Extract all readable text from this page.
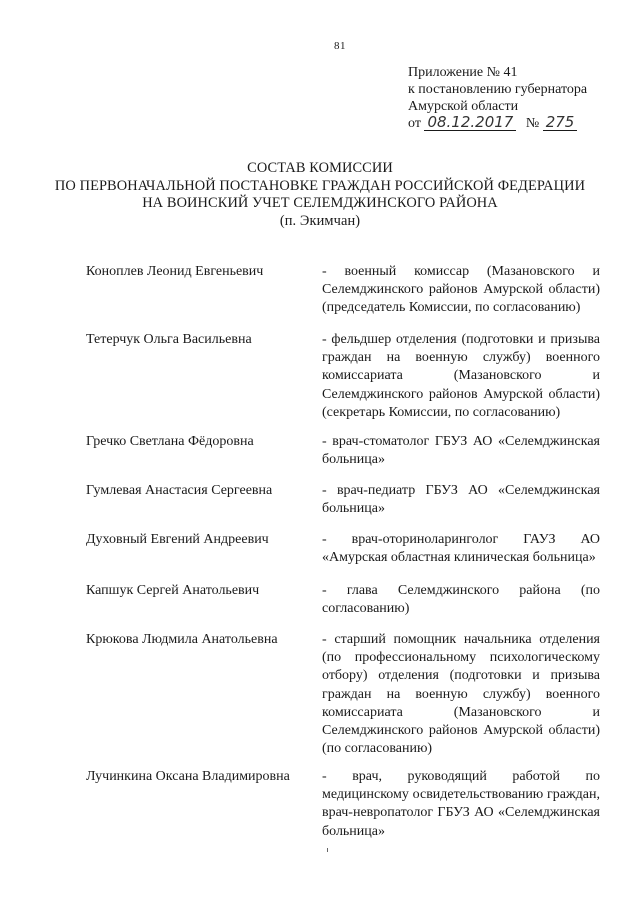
81
Приложение № 41
к постановлению губернатора
Амурской области
от 08.12.2017 № 275
СОСТАВ КОМИССИИ
ПО ПЕРВОНАЧАЛЬНОЙ ПОСТАНОВКЕ ГРАЖДАН РОССИЙСКОЙ ФЕДЕРАЦИИ
НА ВОИНСКИЙ УЧЕТ СЕЛЕМДЖИНСКОГО РАЙОНА
(п. Экимчан)
Коноплев Леонид Евгеньевич	- военный комиссар (Мазановского и Селемджинского районов Амурской области) (председатель Комиссии, по согласованию)
Тетерчук Ольга Васильевна	- фельдшер отделения (подготовки и призыва граждан на военную службу) военного комиссариата (Мазановского и Селемджинского районов Амурской области) (секретарь Комиссии, по согласованию)
Гречко Светлана Фёдоровна	- врач-стоматолог ГБУЗ АО «Селемджинская больница»
Гумлевая Анастасия Сергеевна	- врач-педиатр ГБУЗ АО «Селемджинская больница»
Духовный Евгений Андреевич	- врач-оториноларинголог ГАУЗ АО «Амурская областная клиническая больница»
Капшук Сергей Анатольевич	- глава Селемджинского района (по согласованию)
Крюкова Людмила Анатольевна	- старший помощник начальника отделения (по профессиональному психологическому отбору) отделения (подготовки и призыва граждан на военную службу) военного комиссариата (Мазановского и Селемджинского районов Амурской области) (по согласованию)
Лучинкина Оксана Владимировна - врач, руководящий работой по медицинскому освидетельствованию граждан, врач-невропатолог ГБУЗ АО «Селемджинская больница»
